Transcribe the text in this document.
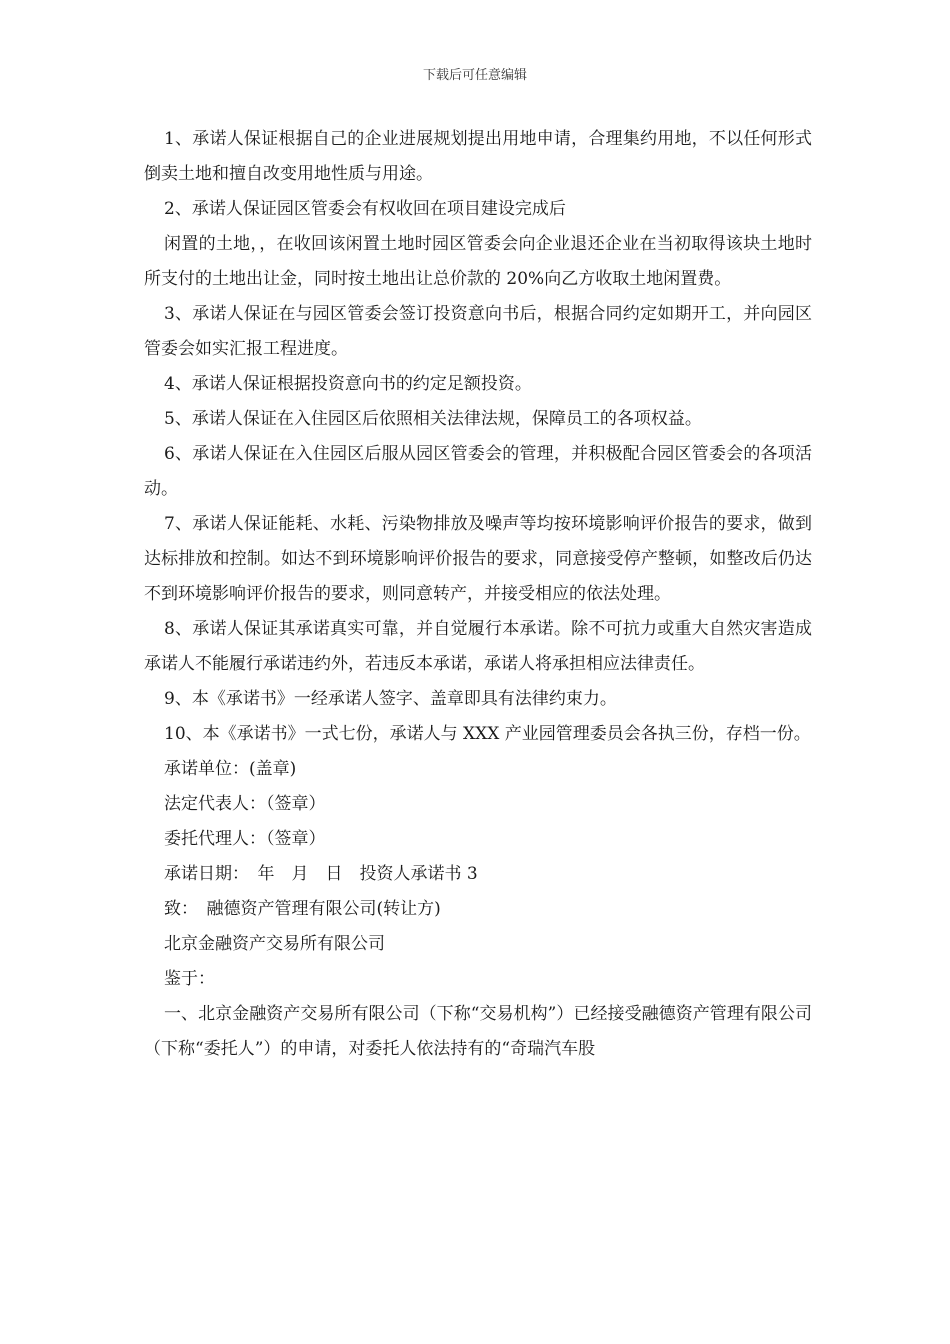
下载后可任意编辑

1、承诺人保证根据自己的企业进展规划提出用地申请，合理集约用地，不以任何形式倒卖土地和擅自改变用地性质与用途。

2、承诺人保证园区管委会有权收回在项目建设完成后

闲置的土地，，在收回该闲置土地时园区管委会向企业退还企业在当初取得该块土地时所支付的土地出让金，同时按土地出让总价款的 20%向乙方收取土地闲置费。

3、承诺人保证在与园区管委会签订投资意向书后，根据合同约定如期开工，并向园区管委会如实汇报工程进度。

4、承诺人保证根据投资意向书的约定足额投资。

5、承诺人保证在入住园区后依照相关法律法规，保障员工的各项权益。

6、承诺人保证在入住园区后服从园区管委会的管理，并积极配合园区管委会的各项活动。

7、承诺人保证能耗、水耗、污染物排放及噪声等均按环境影响评价报告的要求，做到达标排放和控制。如达不到环境影响评价报告的要求，同意接受停产整顿，如整改后仍达不到环境影响评价报告的要求，则同意转产，并接受相应的依法处理。

8、承诺人保证其承诺真实可靠，并自觉履行本承诺。除不可抗力或重大自然灾害造成承诺人不能履行承诺违约外，若违反本承诺，承诺人将承担相应法律责任。

9、本《承诺书》一经承诺人签字、盖章即具有法律约束力。

10、本《承诺书》一式七份，承诺人与 XXX 产业园管理委员会各执三份，存档一份。

承诺单位：(盖章)

法定代表人：（签章）

委托代理人：（签章）

承诺日期：　年　月　日　投资人承诺书 3

致：　融德资产管理有限公司(转让方)

北京金融资产交易所有限公司

鉴于：

一、北京金融资产交易所有限公司（下称“交易机构”）已经接受融德资产管理有限公司（下称“委托人”）的申请，对委托人依法持有的“奇瑞汽车股
